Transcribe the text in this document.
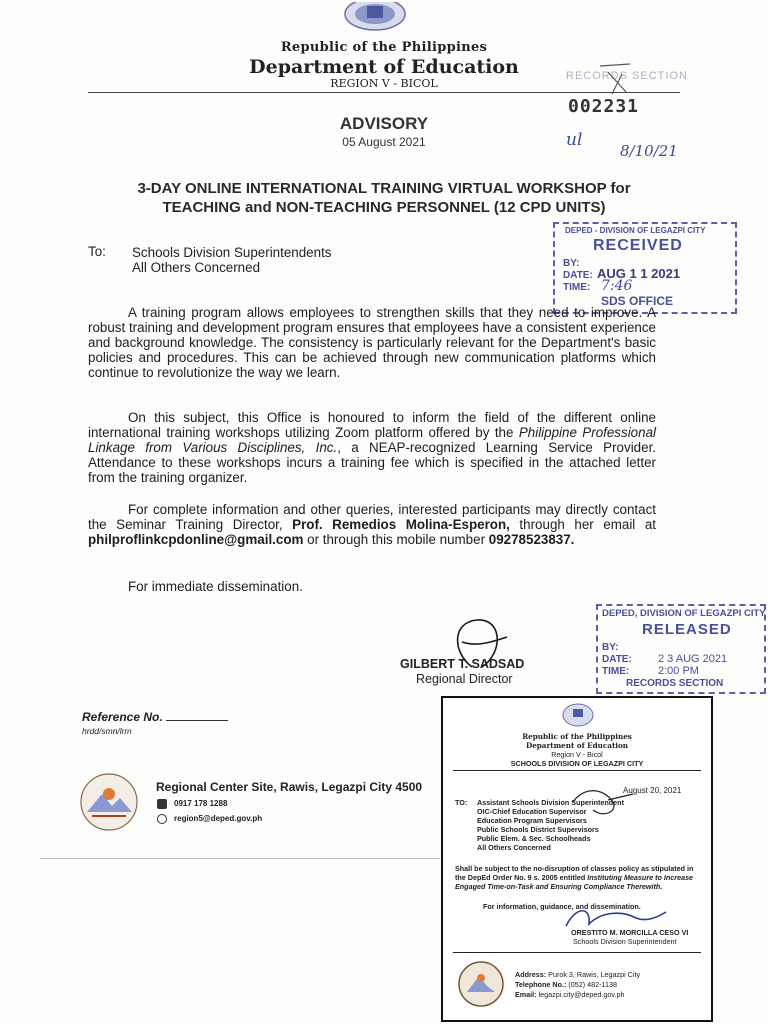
Republic of the Philippines
Department of Education
REGION V - BICOL
RECORDS SECTION
002231
8/10/21
ul
ADVISORY
05 August 2021
3-DAY ONLINE INTERNATIONAL TRAINING VIRTUAL WORKSHOP for
TEACHING and NON-TEACHING PERSONNEL (12 CPD UNITS)
To: Schools Division Superintendents
All Others Concerned
DEPED - DIVISION OF LEGAZPI CITY
RECEIVED
BY:
DATE: AUG 1 1 2021
TIME: 7:46
SDS OFFICE
A training program allows employees to strengthen skills that they need to improve. A robust training and development program ensures that employees have a consistent experience and background knowledge. The consistency is particularly relevant for the Department's basic policies and procedures. This can be achieved through new communication platforms which continue to revolutionize the way we learn.
On this subject, this Office is honoured to inform the field of the different online international training workshops utilizing Zoom platform offered by the Philippine Professional Linkage from Various Disciplines, Inc., a NEAP-recognized Learning Service Provider. Attendance to these workshops incurs a training fee which is specified in the attached letter from the training organizer.
For complete information and other queries, interested participants may directly contact the Seminar Training Director, Prof. Remedios Molina-Esperon, through her email at philproflinkcpdonline@gmail.com or through this mobile number 09278523837.
For immediate dissemination.
GILBERT T. SADSAD
Regional Director
DEPED, DIVISION OF LEGAZPI CITY
RELEASED
BY:
DATE: 2 3 AUG 2021
TIME:	2:00 PM
RECORDS SECTION
Reference No.
hrdd/smn/lrm
Regional Center Site, Rawis, Legazpi City 4500
0917 178 1288
region5@deped.gov.ph
Republic of the Philippines
Department of Education
Region V - Bicol
SCHOOLS DIVISION OF LEGAZPI CITY
August 20, 2021
TO: Assistant Schools Division Superintendent
OIC-Chief Education Supervisor
Education Program Supervisors
Public Schools District Supervisors
Public Elem. & Sec. Schoolheads
All Others Concerned
Shall be subject to the no-disruption of classes policy as stipulated in the DepEd Order No. 9 s. 2005 entitled Instituting Measure to Increase Engaged Time-on-Task and Ensuring Compliance Therewith.
For information, guidance, and dissemination.
ORESTITO M. MORCILLA CESO VI
Schools Division Superintendent
Address: Purok 3, Rawis, Legazpi City
Telephone No.: (052) 482-1138
Email: legazpi.city@deped.gov.ph
